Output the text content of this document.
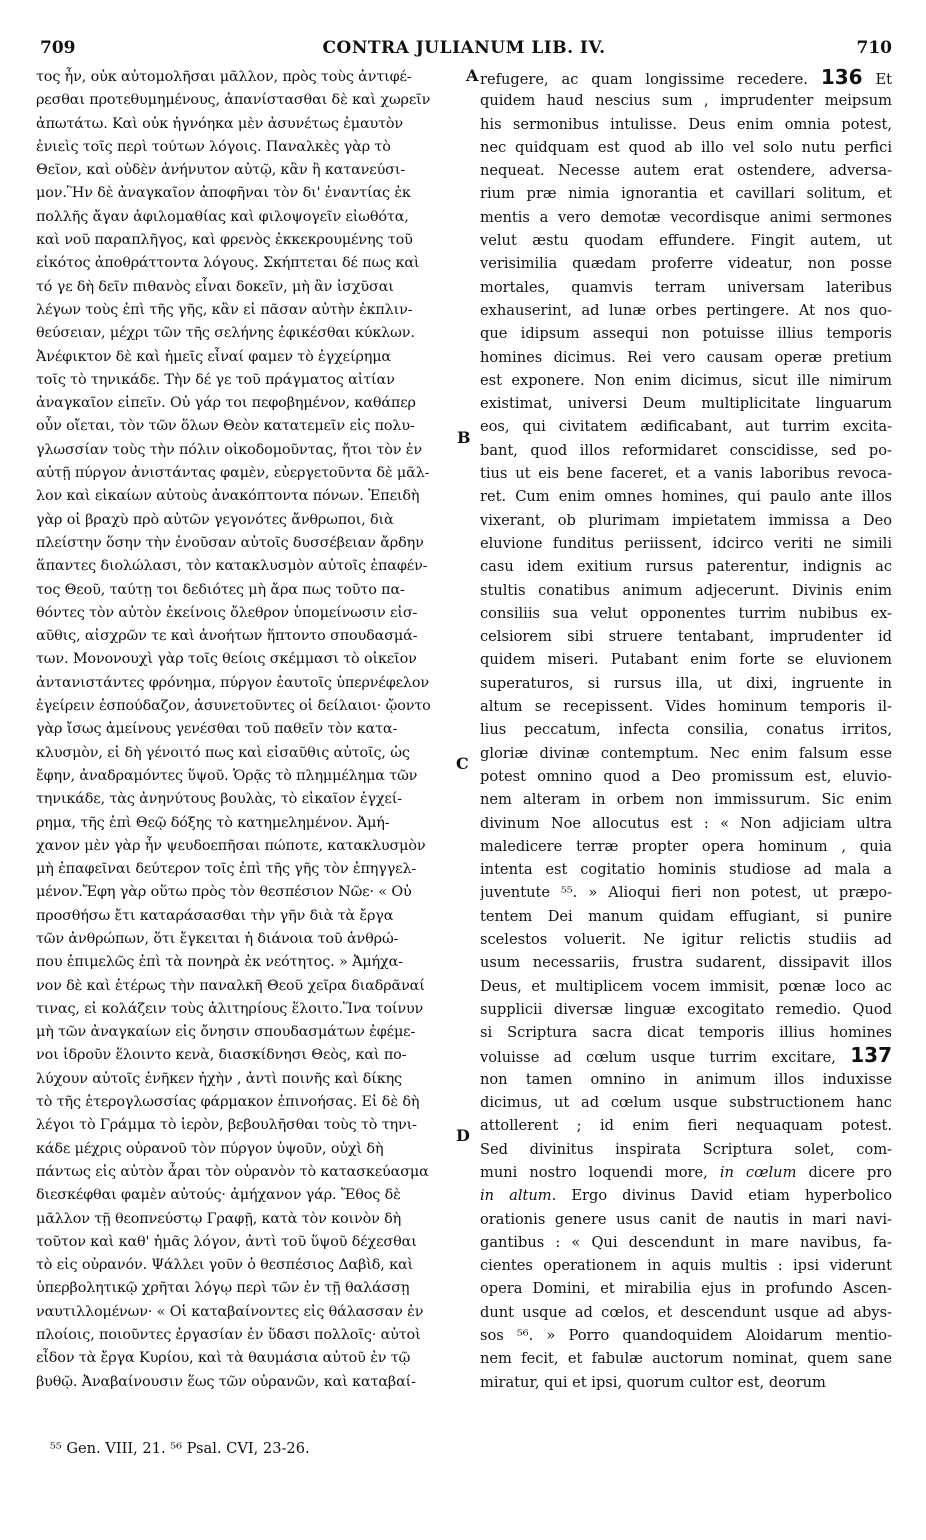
709	CONTRA JULIANUM LIB. IV.	710
τος ἦν, οὐκ αὐτομολῆσαι μᾶλλον, πρὸς τοὺς ἀντιφέ-
ρεσθαι προτεθυμημένους, ἀπανίστασθαι δὲ καὶ χωρεῖν
ἀπωτάτω. Καὶ οὐκ ἠγνόηκα μὲν ἀσυνέτως ἐμαυτὸν
ἐνιεὶς τοῖς περὶ τούτων λόγοις. Παναλκὲς γὰρ τὸ
Θεῖον, καὶ οὐδὲν ἀνήνυτον αὐτῷ, κἂν ἢ κατανεύσι-
μον.Ἣν δὲ ἀναγκαῖον ἀποφῆναι τὸν δι' ἐναντίας ἐκ
πολλῆς ἄγαν ἀφιλομαθίας καὶ φιλοψογεῖν εἰωθότα,
καὶ νοῦ παραπλῆγος, καὶ φρενὸς ἐκκεκρουμένης τοῦ
εἰκότος ἀποθράττοντα λόγους. Σκήπτεται δέ πως καὶ
τό γε δὴ δεῖν πιθανὸς εἶναι δοκεῖν, μὴ ἂν ἰσχῦσαι
λέγων τοὺς ἐπὶ τῆς γῆς, κἂν εἰ πᾶσαν αὐτὴν ἐκπλιν-
θεύσειαν, μέχρι τῶν τῆς σελήνης ἐφικέσθαι κύκλων.
Ἀνέφικτον δὲ καὶ ἡμεῖς εἶναί φαμεν τὸ ἐγχείρημα
τοῖς τὸ τηνικάδε. Τὴν δέ γε τοῦ πράγματος αἰτίαν
ἀναγκαῖον εἰπεῖν. Οὐ γάρ τοι πεφοβημένον, καθάπερ
οὖν οἴεται, τὸν τῶν ὅλων Θεὸν κατατεμεῖν εἰς πολυ-
γλωσσίαν τοὺς τὴν πόλιν οἰκοδομοῦντας, ἤτοι τὸν ἐν
αὐτῇ πύργον ἀνιστάντας φαμὲν, εὐεργετοῦντα δὲ μᾶλ-
λον καὶ εἰκαίων αὐτοὺς ἀνακόπτοντα πόνων. Ἐπειδὴ
γὰρ οἱ βραχὺ πρὸ αὐτῶν γεγονότες ἄνθρωποι, διὰ
πλείστην ὅσην τὴν ἐνοῦσαν αὐτοῖς δυσσέβειαν ἄρδην
ἅπαντες διολώλασι, τὸν κατακλυσμὸν αὐτοῖς ἐπαφέν-
τος Θεοῦ, ταύτῃ τοι δεδιότες μὴ ἄρα πως τοῦτο πα-
θόντες τὸν αὐτὸν ἐκείνοις ὄλεθρον ὑπομείνωσιν εἰσ-
αῦθις, αἰσχρῶν τε καὶ ἀνοήτων ἥπτοντο σπουδασμά-
των. Μονονουχὶ γὰρ τοῖς θείοις σκέμμασι τὸ οἰκεῖον
ἀντανιστάντες φρόνημα, πύργον ἑαυτοῖς ὑπερνέφελον
ἐγείρειν ἐσπούδαζον, ἀσυνετοῦντες οἱ δείλαιοι· ᾤοντο
γὰρ ἴσως ἀμείνους γενέσθαι τοῦ παθεῖν τὸν κατα-
κλυσμὸν, εἰ δὴ γένοιτό πως καὶ εἰσαῦθις αὐτοῖς, ὡς
ἔφην, ἀναδραμόντες ὕψοῦ. Ὁρᾷς τὸ πλημμέλημα τῶν
τηνικάδε, τὰς ἀνηνύτους βουλὰς, τὸ εἰκαῖον ἐγχεί-
ρημα, τῆς ἐπὶ Θεῷ δόξης τὸ κατημελημένον. Ἀμή-
χανον μὲν γὰρ ἦν ψευδοεπῆσαι πώποτε, κατακλυσμὸν
μὴ ἐπαφεῖναι δεύτερον τοῖς ἐπὶ τῆς γῆς τὸν ἐπηγγελ-
μένον.Ἔφη γὰρ οὕτω πρὸς τὸν θεσπέσιον Νῶε· « Οὐ
προσθήσω ἔτι καταράσασθαι τὴν γῆν διὰ τὰ ἔργα
τῶν ἀνθρώπων, ὅτι ἔγκειται ἡ διάνοια τοῦ ἀνθρώ-
που ἐπιμελῶς ἐπὶ τὰ πονηρὰ ἐκ νεότητος. » Ἀμήχα-
νον δὲ καὶ ἑτέρως τὴν παναλκῆ Θεοῦ χεῖρα διαδρᾶναί
τινας, εἰ κολάζειν τοὺς ἀλιτηρίους ἕλοιτο.Ἵνα τοίνυν
μὴ τῶν ἀναγκαίων εἰς ὄνησιν σπουδασμάτων ἐφέμε-
νοι ἱδροῦν ἕλοιντο κενὰ, διασκίδνησι Θεὸς, καὶ πο-
λύχουν αὐτοῖς ἐνῆκεν ἠχὴν , ἀντὶ ποινῆς καὶ δίκης
τὸ τῆς ἑτερογλωσσίας φάρμακον ἐπινοήσας. Εἰ δὲ δὴ
λέγοι τὸ Γράμμα τὸ ἱερὸν, βεβουλῆσθαι τοὺς τὸ τηνι-
κάδε μέχρις οὐρανοῦ τὸν πύργον ὑψοῦν, οὐχὶ δὴ
πάντως εἰς αὐτὸν ἆραι τὸν οὐρανὸν τὸ κατασκεύασμα
διεσκέφθαι φαμὲν αὐτούς· ἀμήχανον γάρ. Ἔθος δὲ
μᾶλλον τῇ θεοπνεύστῳ Γραφῇ, κατὰ τὸν κοινὸν δὴ
τοῦτον καὶ καθ' ἡμᾶς λόγον, ἀντὶ τοῦ ὕψοῦ δέχεσθαι
τὸ εἰς οὐρανόν. Ψάλλει γοῦν ὁ θεσπέσιος Δαβὶδ, καὶ
ὑπερβολητικῷ χρῆται λόγῳ περὶ τῶν ἐν τῇ θαλάσσῃ
ναυτιλλομένων· « Οἱ καταβαίνοντες εἰς θάλασσαν ἐν
πλοίοις, ποιοῦντες ἐργασίαν ἐν ὕδασι πολλοῖς· αὐτοὶ
εἶδον τὰ ἔργα Κυρίου, καὶ τὰ θαυμάσια αὐτοῦ ἐν τῷ
βυθῷ. Ἀναβαίνουσιν ἕως τῶν οὐρανῶν, καὶ καταβαί-
refugere, ac quam longissime recedere. 136 Et
quidem haud nescius sum , imprudenter meipsum
his sermonibus intulisse. Deus enim omnia potest,
nec quidquam est quod ab illo vel solo nutu perfici
nequeat. Necesse autem erat ostendere, adversa-
rium præ nimia ignorantia et cavillari solitum, et
mentis a vero demotæ vecordisque animi sermones
velut æstu quodam effundere. Fingit autem, ut
verisimilia quædam proferre videatur, non posse
mortales, quamvis terram universam lateribus
exhauserint, ad lunæ orbes pertingere. At nos quo-
que idipsum assequi non potuisse illius temporis
homines dicimus. Rei vero causam operæ pretium
est exponere. Non enim dicimus, sicut ille nimirum
existimat, universi Deum multiplicitate linguarum
eos, qui civitatem ædificabant, aut turrim excita-
bant, quod illos reformidaret conscidisse, sed po-
tius ut eis bene faceret, et a vanis laboribus revoca-
ret. Cum enim omnes homines, qui paulo ante illos
vixerant, ob plurimam impietatem immissa a Deo
eluvione funditus periissent, idcirco veriti ne simili
casu idem exitium rursus paterentur, indignis ac
stultis conatibus animum adjecerunt. Divinis enim
consiliis sua velut opponentes turrim nubibus ex-
celsiorem sibi struere tentabant, imprudenter id
quidem miseri. Putabant enim forte se eluvionem
superaturos, si rursus illa, ut dixi, ingruente in
altum se recepissent. Vides hominum temporis il-
lius peccatum, infecta consilia, conatus irritos,
gloriæ divinæ contemptum. Nec enim falsum esse
potest omnino quod a Deo promissum est, eluvio-
nem alteram in orbem non immissurum. Sic enim
divinum Noe allocutus est : « Non adjiciam ultra
maledicere terræ propter opera hominum , quia
intenta est cogitatio hominis studiose ad mala a
juventute ⁵⁵. » Alioqui fieri non potest, ut præpo-
tentem Dei manum quidam effugiant, si punire
scelestos voluerit. Ne igitur relictis studiis ad
usum necessariis, frustra sudarent, dissipavit illos
Deus, et multiplicem vocem immisit, pœnæ loco ac
supplicii diversæ linguæ excogitato remedio. Quod
si Scriptura sacra dicat temporis illius homines
voluisse ad cœlum usque turrim excitare, 137
non tamen omnino in animum illos induxisse
dicimus, ut ad cœlum usque substructionem hanc
attollerent ; id enim fieri nequaquam potest.
Sed divinitus inspirata Scriptura solet, com-
muni nostro loquendi more, in cœlum dicere pro
in altum. Ergo divinus David etiam hyperbolico
orationis genere usus canit de nautis in mari navi-
gantibus : « Qui descendunt in mare navibus, fa-
cientes operationem in aquis multis : ipsi viderunt
opera Domini, et mirabilia ejus in profundo Ascen-
dunt usque ad cœlos, et descendunt usque ad abys-
sos ⁵⁶. » Porro quandoquidem Aloidarum mentio-
nem fecit, et fabulæ auctorum nominat, quem sane
miratur, qui et ipsi, quorum cultor est, deorum
A
B
C
D
⁵⁵ Gen. VIII, 21. ⁵⁶ Psal. CVI, 23-26.
